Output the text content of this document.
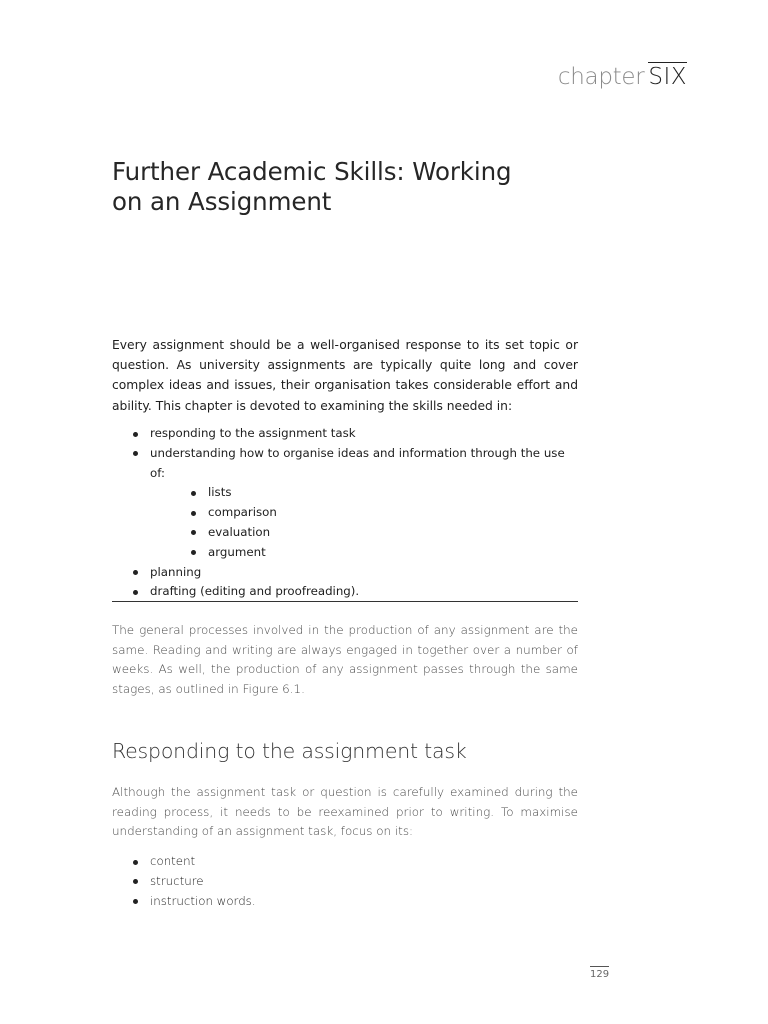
chapter SIX
Further Academic Skills: Working
on an Assignment

Every assignment should be a well-organised response to its set topic or question. As university assignments are typically quite long and cover complex ideas and issues, their organisation takes considerable effort and ability. This chapter is devoted to examining the skills needed in:

responding to the assignment task
understanding how to organise ideas and information through the use of:
lists
comparison
evaluation
argument
planning
drafting (editing and proofreading).

The general processes involved in the production of any assignment are the same. Reading and writing are always engaged in together over a number of weeks. As well, the production of any assignment passes through the same stages, as outlined in Figure 6.1.

Responding to the assignment task

Although the assignment task or question is carefully examined during the reading process, it needs to be reexamined prior to writing. To maximise understanding of an assignment task, focus on its:

content
structure
instruction words.
129
